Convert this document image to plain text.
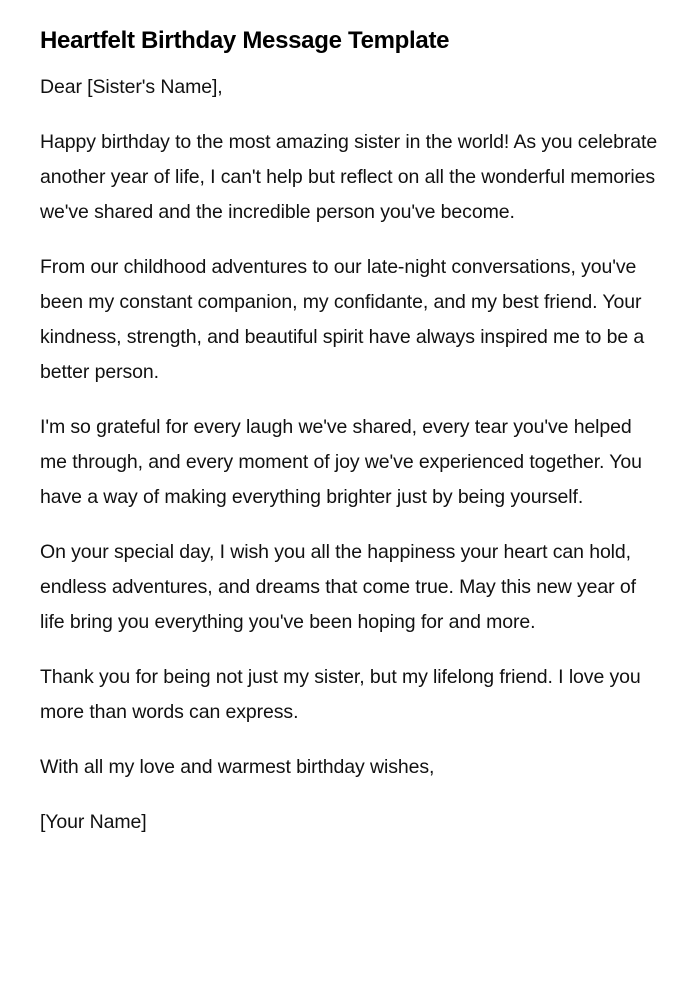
Heartfelt Birthday Message Template

Dear [Sister's Name],

Happy birthday to the most amazing sister in the world! As you celebrate another year of life, I can't help but reflect on all the wonderful memories we've shared and the incredible person you've become.

From our childhood adventures to our late-night conversations, you've been my constant companion, my confidante, and my best friend. Your kindness, strength, and beautiful spirit have always inspired me to be a better person.

I'm so grateful for every laugh we've shared, every tear you've helped me through, and every moment of joy we've experienced together. You have a way of making everything brighter just by being yourself.

On your special day, I wish you all the happiness your heart can hold, endless adventures, and dreams that come true. May this new year of life bring you everything you've been hoping for and more.

Thank you for being not just my sister, but my lifelong friend. I love you more than words can express.

With all my love and warmest birthday wishes,

[Your Name]
